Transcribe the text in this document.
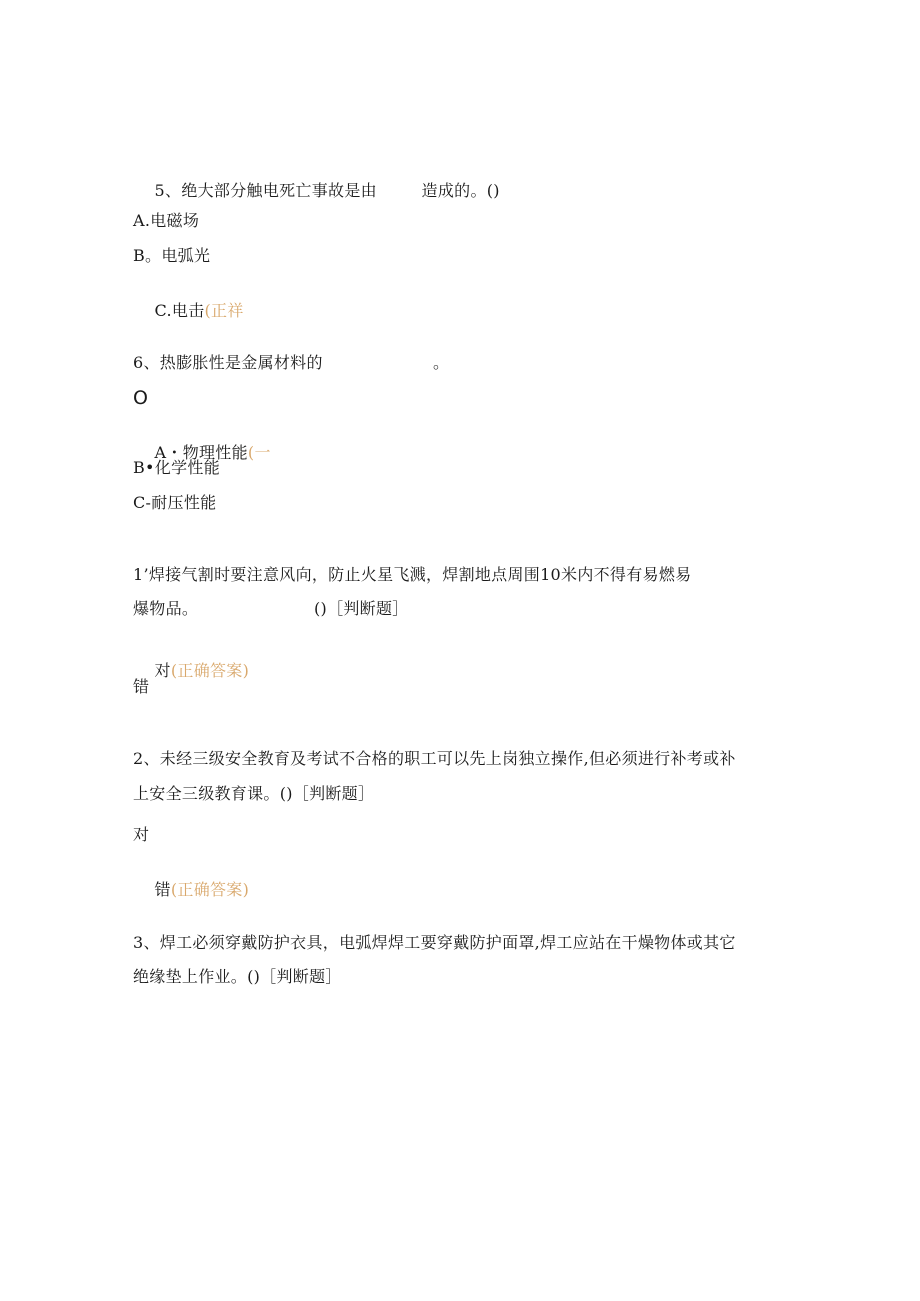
5、绝大部分触电死亡事故是由
	造成的。()

A.电磁场
B。电弧光

C.电击(正祥

6、热膨胀性是金属材料的	。
O

A・物理性能(一

B•化学性能
C-耐压性能
1’焊接气割时要注意风向，防止火星飞溅，焊割地点周围10米内不得有易燃易
爆物品。	()［判断题］

对(正确答案)

错
2、未经三级安全教育及考试不合格的职工可以先上岗独立操作,但必须进行补考或补
上安全三级教育课。()［判断题］
对

错(正确答案)

3、焊工必须穿戴防护衣具，电弧焊焊工要穿戴防护面罩,焊工应站在干燥物体或其它
绝缘垫上作业。()［判断题］
